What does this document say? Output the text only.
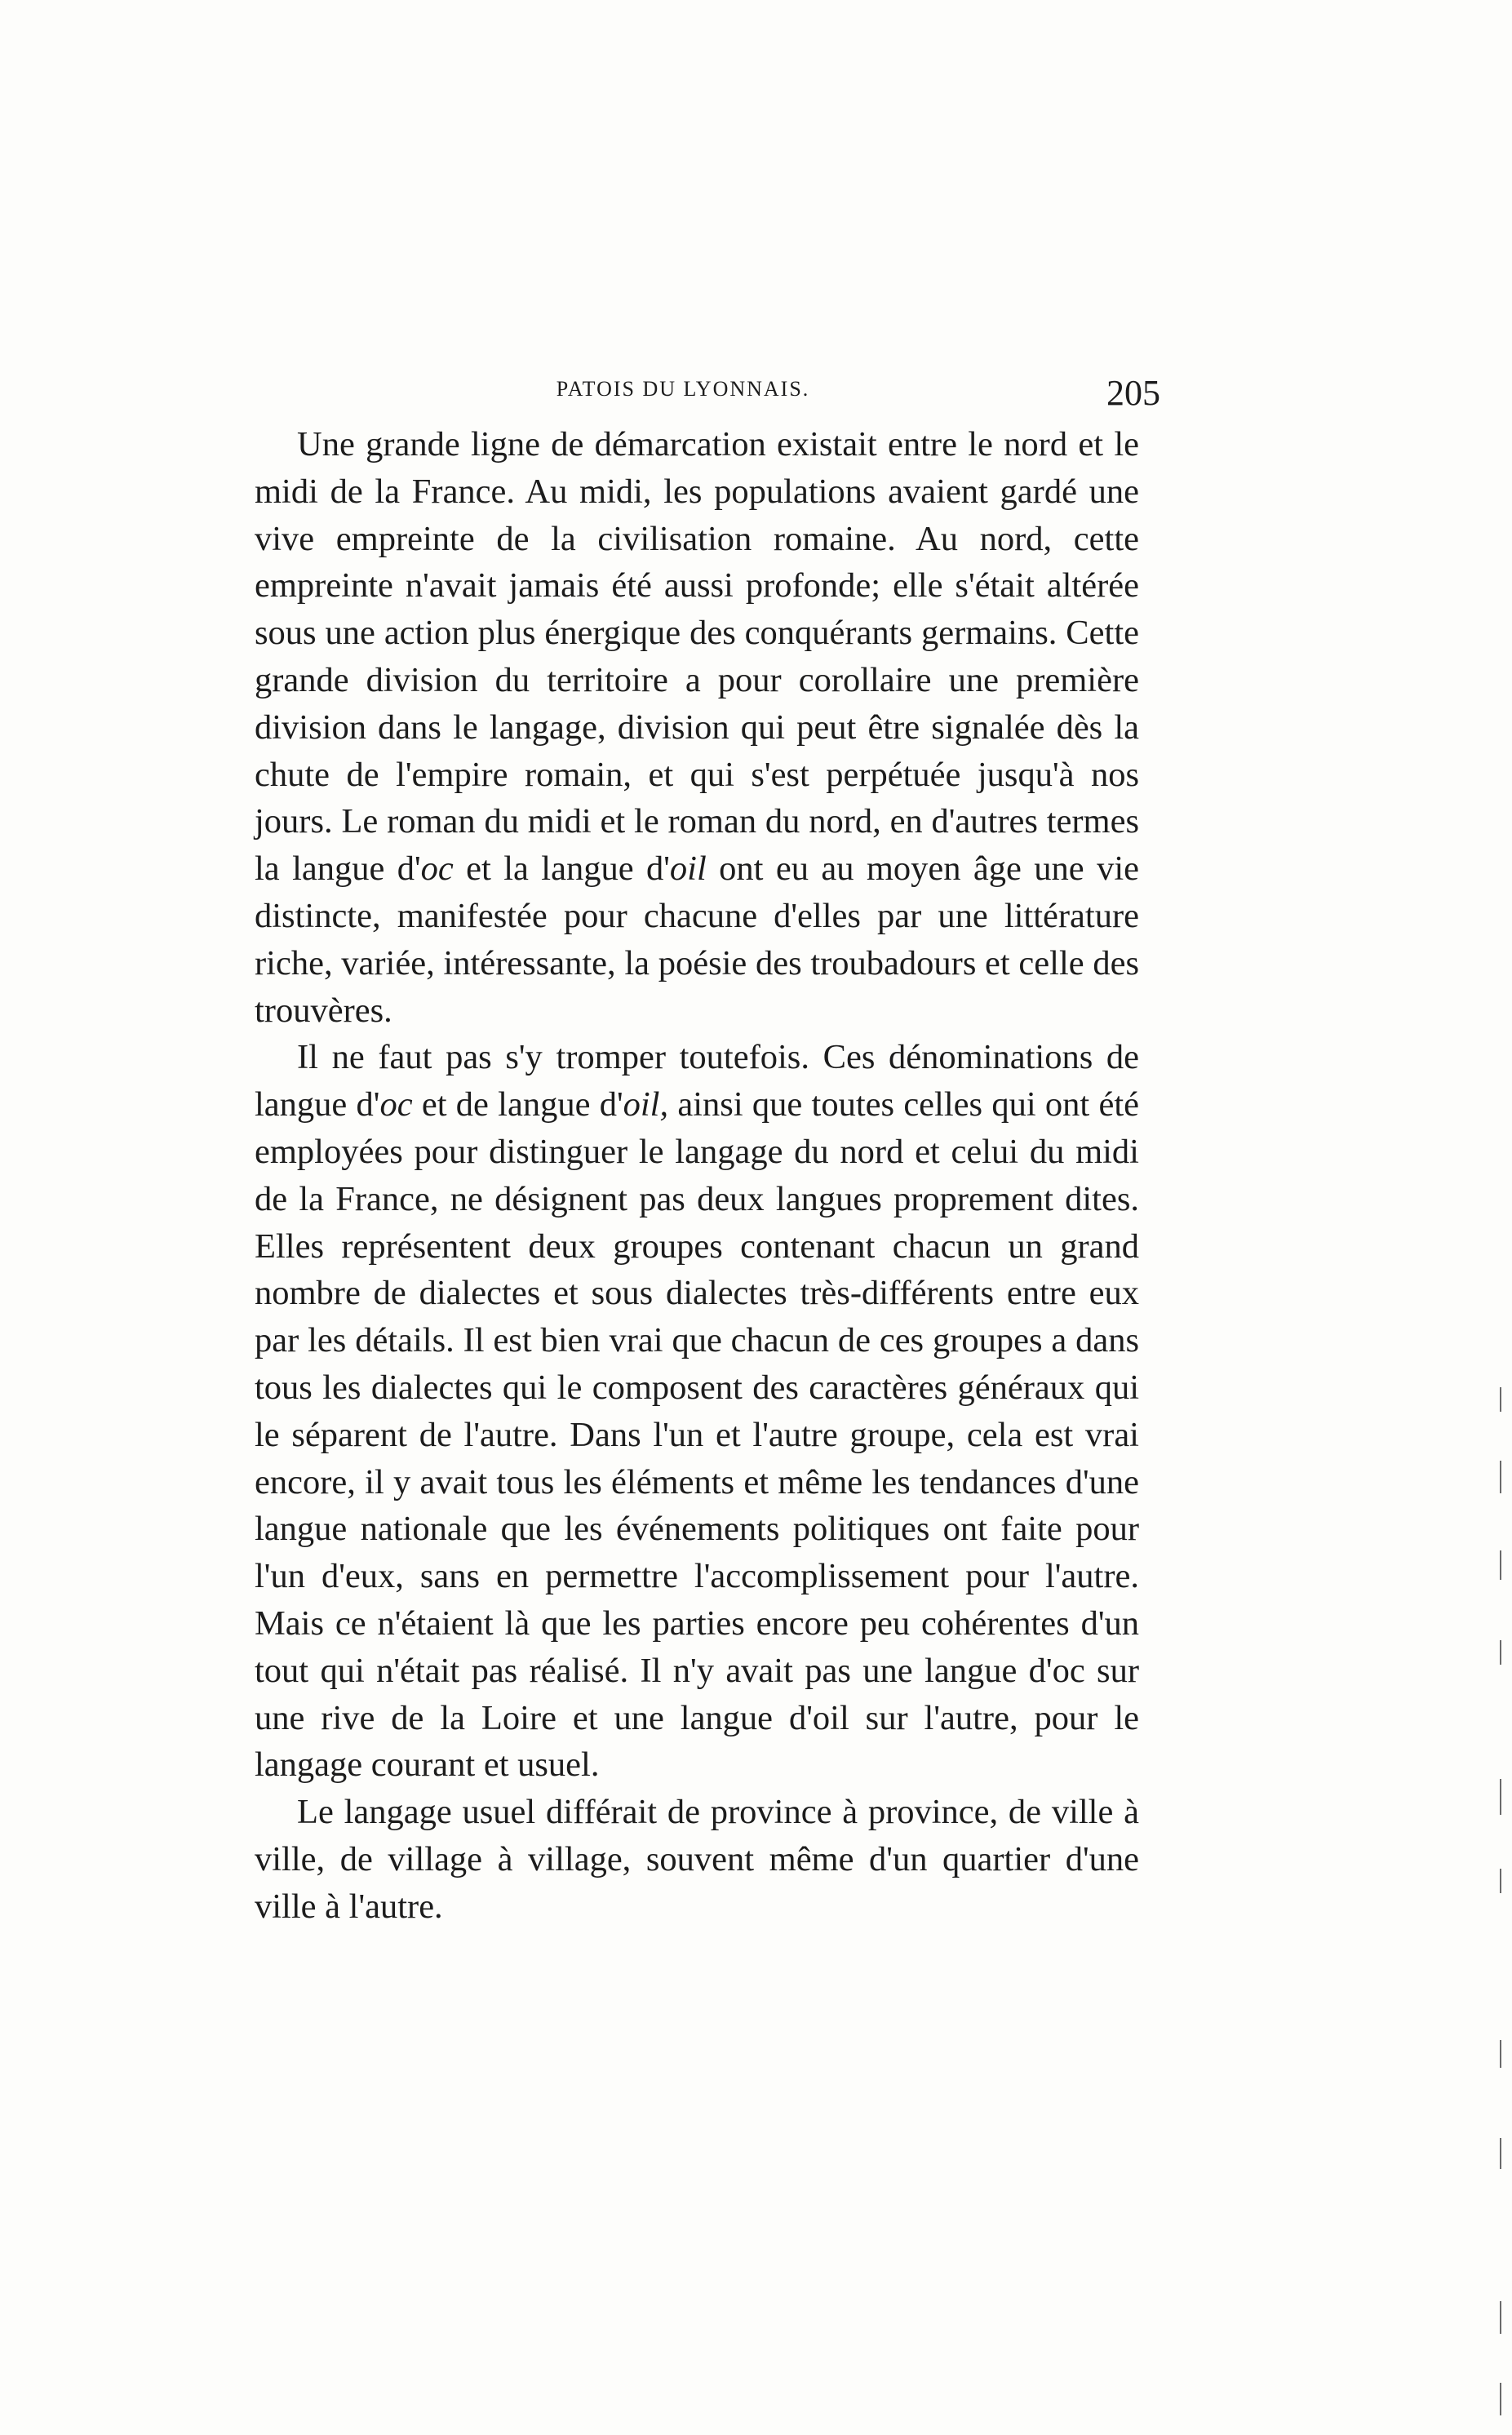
PATOIS DU LYONNAIS.	205

Une grande ligne de démarcation existait entre le nord et le midi de la France. Au midi, les populations avaient gardé une vive empreinte de la civilisation romaine. Au nord, cette empreinte n'avait jamais été aussi profonde; elle s'était altérée sous une action plus énergique des conquérants germains. Cette grande division du territoire a pour corollaire une première division dans le langage, division qui peut être signalée dès la chute de l'empire romain, et qui s'est perpétuée jusqu'à nos jours. Le roman du midi et le roman du nord, en d'autres termes la langue d'oc et la langue d'oil ont eu au moyen âge une vie distincte, manifestée pour chacune d'elles par une littérature riche, variée, intéressante, la poésie des troubadours et celle des trouvères.

Il ne faut pas s'y tromper toutefois. Ces dénominations de langue d'oc et de langue d'oil, ainsi que toutes celles qui ont été employées pour distinguer le langage du nord et celui du midi de la France, ne désignent pas deux langues proprement dites. Elles représentent deux groupes contenant chacun un grand nombre de dialectes et sous dialectes très-différents entre eux par les détails. Il est bien vrai que chacun de ces groupes a dans tous les dialectes qui le composent des caractères généraux qui le séparent de l'autre. Dans l'un et l'autre groupe, cela est vrai encore, il y avait tous les éléments et même les tendances d'une langue nationale que les événements politiques ont faite pour l'un d'eux, sans en permettre l'accomplissement pour l'autre. Mais ce n'étaient là que les parties encore peu cohérentes d'un tout qui n'était pas réalisé. Il n'y avait pas une langue d'oc sur une rive de la Loire et une langue d'oil sur l'autre, pour le langage courant et usuel.

Le langage usuel différait de province à province, de ville à ville, de village à village, souvent même d'un quartier d'une ville à l'autre.
